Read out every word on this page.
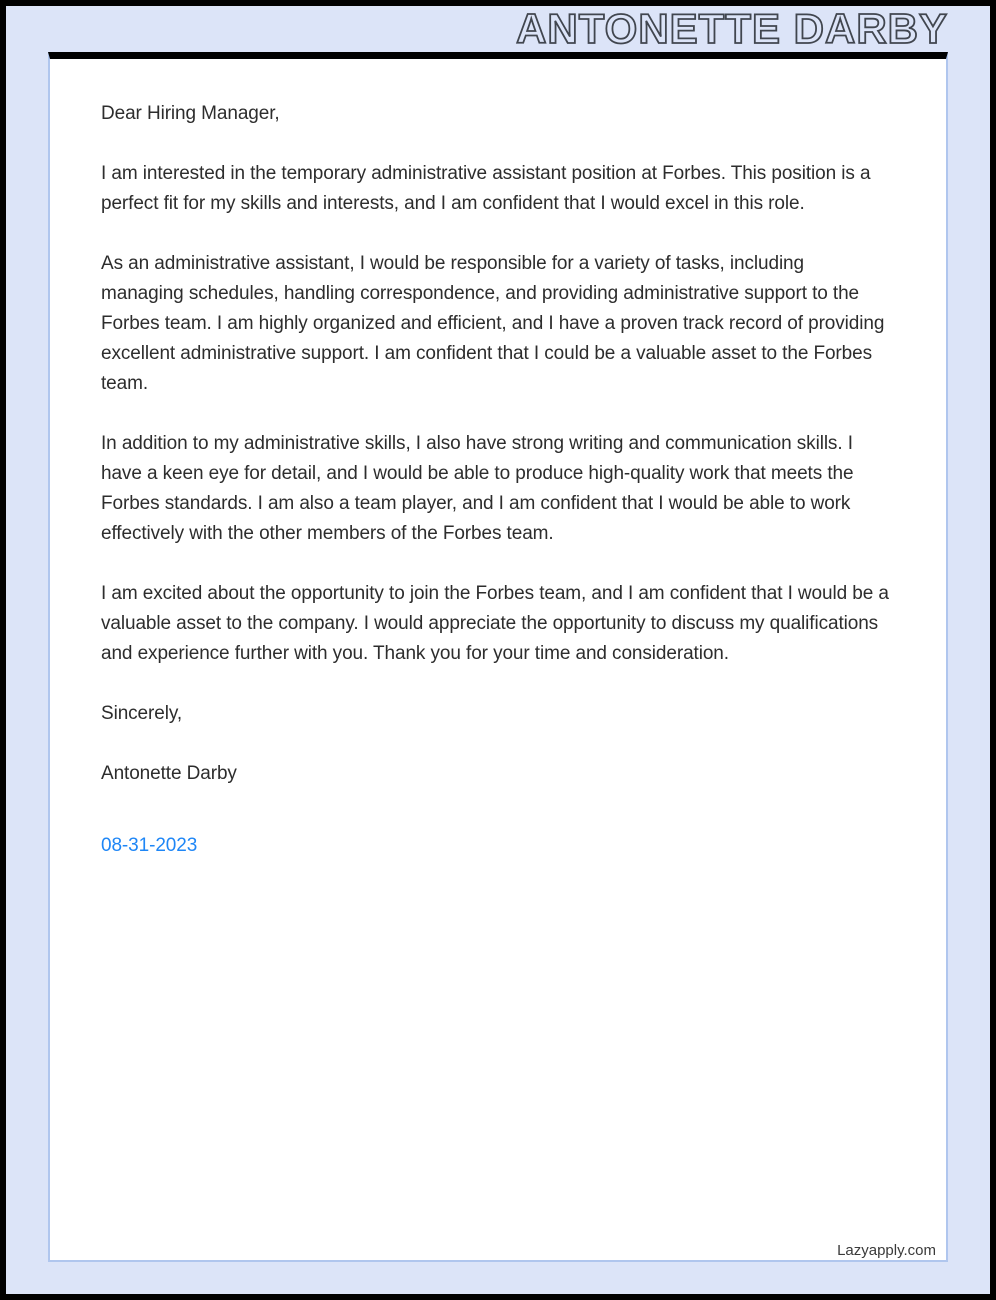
ANTONETTE DARBY

Dear Hiring Manager,

I am interested in the temporary administrative assistant position at Forbes. This position is a perfect fit for my skills and interests, and I am confident that I would excel in this role.

As an administrative assistant, I would be responsible for a variety of tasks, including managing schedules, handling correspondence, and providing administrative support to the Forbes team. I am highly organized and efficient, and I have a proven track record of providing excellent administrative support. I am confident that I could be a valuable asset to the Forbes team.

In addition to my administrative skills, I also have strong writing and communication skills. I have a keen eye for detail, and I would be able to produce high-quality work that meets the Forbes standards. I am also a team player, and I am confident that I would be able to work effectively with the other members of the Forbes team.

I am excited about the opportunity to join the Forbes team, and I am confident that I would be a valuable asset to the company. I would appreciate the opportunity to discuss my qualifications and experience further with you. Thank you for your time and consideration.

Sincerely,

Antonette Darby

08-31-2023

Lazyapply.com
